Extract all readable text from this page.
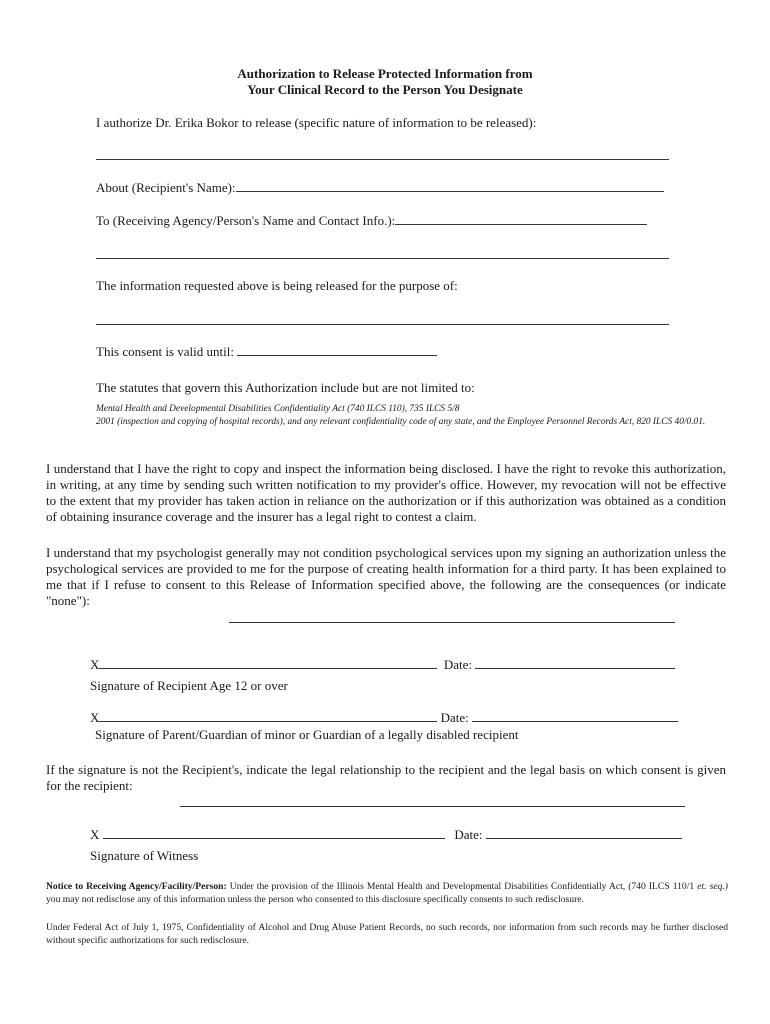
Authorization to Release Protected Information from
Your Clinical Record to the Person You Designate
I authorize Dr. Erika Bokor to release (specific nature of information to be released):
About (Recipient's Name):
To (Receiving Agency/Person's Name and Contact Info.):
The information requested above is being released for the purpose of:
This consent is valid until:
The statutes that govern this Authorization include but are not limited to:
Mental Health and Developmental Disabilities Confidentiality Act (740 ILCS 110), 735 ILCS 5/8
2001 (inspection and copying of hospital records), and any relevant confidentiality code of any state, and the Employee Personnel Records Act, 820 ILCS 40/0.01.
I understand that I have the right to copy and inspect the information being disclosed. I have the right to revoke this authorization, in writing, at any time by sending such written notification to my provider's office. However, my revocation will not be effective to the extent that my provider has taken action in reliance on the authorization or if this authorization was obtained as a condition of obtaining insurance coverage and the insurer has a legal right to contest a claim.
I understand that my psychologist generally may not condition psychological services upon my signing an authorization unless the psychological services are provided to me for the purpose of creating health information for a third party. It has been explained to me that if I refuse to consent to this Release of Information specified above, the following are the consequences (or indicate "none"):
X	Date:
Signature of Recipient Age 12 or over
X	Date:
Signature of Parent/Guardian of minor or Guardian of a legally disabled recipient
If the signature is not the Recipient's, indicate the legal relationship to the recipient and the legal basis on which consent is given for the recipient:
X	Date:
Signature of Witness
Notice to Receiving Agency/Facility/Person: Under the provision of the Illinois Mental Health and Developmental Disabilities Confidentially Act, (740 ILCS 110/1 et. seq.) you may not redisclose any of this information unless the person who consented to this disclosure specifically consents to such redisclosure.
Under Federal Act of July 1, 1975, Confidentiality of Alcohol and Drug Abuse Patient Records, no such records, nor information from such records may be further disclosed without specific authorizations for such redisclosure.
